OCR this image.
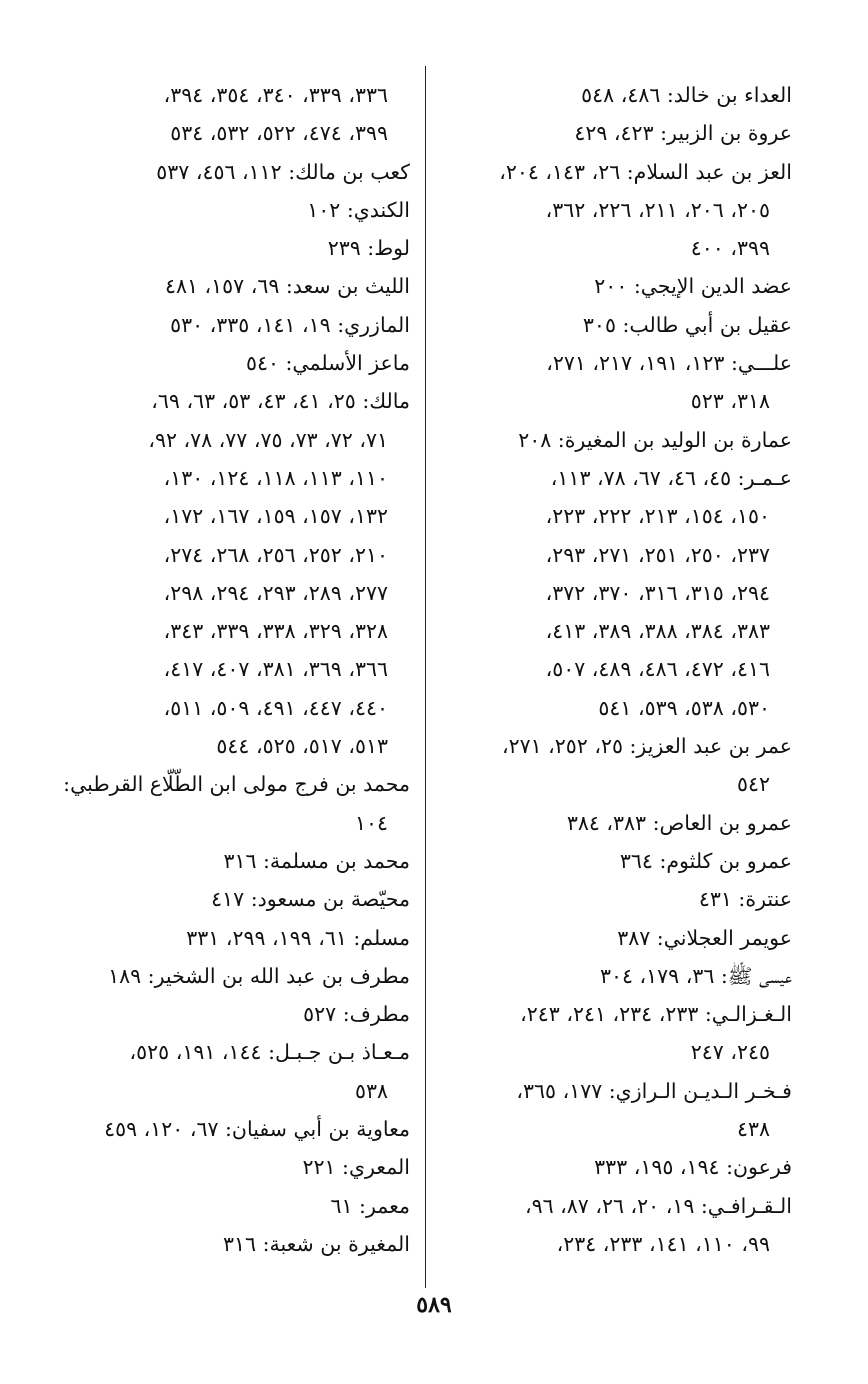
العداء بن خالد: ٤٨٦، ٥٤٨
عروة بن الزبير: ٤٢٣، ٤٢٩
العز بن عبد السلام: ٢٦، ١٤٣، ٢٠٤،
٢٠٥، ٢٠٦، ٢١١، ٢٢٦، ٣٦٢،
٣٩٩، ٤٠٠
عضد الدين الإيجي: ٢٠٠
عقيل بن أبي طالب: ٣٠٥
علـــي: ١٢٣، ١٩١، ٢١٧، ٢٧١،
٣١٨، ٥٢٣
عمارة بن الوليد بن المغيرة: ٢٠٨
عـمـر: ٤٥، ٤٦، ٦٧، ٧٨، ١١٣،
١٥٠، ١٥٤، ٢١٣، ٢٢٢، ٢٢٣،
٢٣٧، ٢٥٠، ٢٥١، ٢٧١، ٢٩٣،
٢٩٤، ٣١٥، ٣١٦، ٣٧٠، ٣٧٢،
٣٨٣، ٣٨٤، ٣٨٨، ٣٨٩، ٤١٣،
٤١٦، ٤٧٢، ٤٨٦، ٤٨٩، ٥٠٧،
٥٣٠، ٥٣٨، ٥٣٩، ٥٤١
عمر بن عبد العزيز: ٢٥، ٢٥٢، ٢٧١،
٥٤٢
عمرو بن العاص: ٣٨٣، ٣٨٤
عمرو بن كلثوم: ٣٦٤
عنترة: ٤٣١
عويمر العجلاني: ٣٨٧
عيسى ﷺ: ٣٦، ١٧٩، ٣٠٤
الـغـزالـي: ٢٣٣، ٢٣٤، ٢٤١، ٢٤٣،
٢٤٥، ٢٤٧
فـخـر الـديـن الـرازي: ١٧٧، ٣٦٥،
٤٣٨
فرعون: ١٩٤، ١٩٥، ٣٣٣
الـقـرافـي: ١٩، ٢٠، ٢٦، ٨٧، ٩٦،
٩٩، ١١٠، ١٤١، ٢٣٣، ٢٣٤،
٣٣٦، ٣٣٩، ٣٤٠، ٣٥٤، ٣٩٤،
٣٩٩، ٤٧٤، ٥٢٢، ٥٣٢، ٥٣٤
كعب بن مالك: ١١٢، ٤٥٦، ٥٣٧
الكندي: ١٠٢
لوط: ٢٣٩
الليث بن سعد: ٦٩، ١٥٧، ٤٨١
المازري: ١٩، ١٤١، ٣٣٥، ٥٣٠
ماعز الأسلمي: ٥٤٠
مالك: ٢٥، ٤١، ٤٣، ٥٣، ٦٣، ٦٩،
٧١، ٧٢، ٧٣، ٧٥، ٧٧، ٧٨، ٩٢،
١١٠، ١١٣، ١١٨، ١٢٤، ١٣٠،
١٣٢، ١٥٧، ١٥٩، ١٦٧، ١٧٢،
٢١٠، ٢٥٢، ٢٥٦، ٢٦٨، ٢٧٤،
٢٧٧، ٢٨٩، ٢٩٣، ٢٩٤، ٢٩٨،
٣٢٨، ٣٢٩، ٣٣٨، ٣٣٩، ٣٤٣،
٣٦٦، ٣٦٩، ٣٨١، ٤٠٧، ٤١٧،
٤٤٠، ٤٤٧، ٤٩١، ٥٠٩، ٥١١،
٥١٣، ٥١٧، ٥٢٥، ٥٤٤
محمد بن فرج مولى ابن الطّلّاع القرطبي:
١٠٤
محمد بن مسلمة: ٣١٦
محيّصة بن مسعود: ٤١٧
مسلم: ٦١، ١٩٩، ٢٩٩، ٣٣١
مطرف بن عبد الله بن الشخير: ١٨٩
مطرف: ٥٢٧
مـعـاذ بـن جـبـل: ١٤٤، ١٩١، ٥٢٥،
٥٣٨
معاوية بن أبي سفيان: ٦٧، ١٢٠، ٤٥٩
المعري: ٢٢١
معمر: ٦١
المغيرة بن شعبة: ٣١٦
٥٨٩
